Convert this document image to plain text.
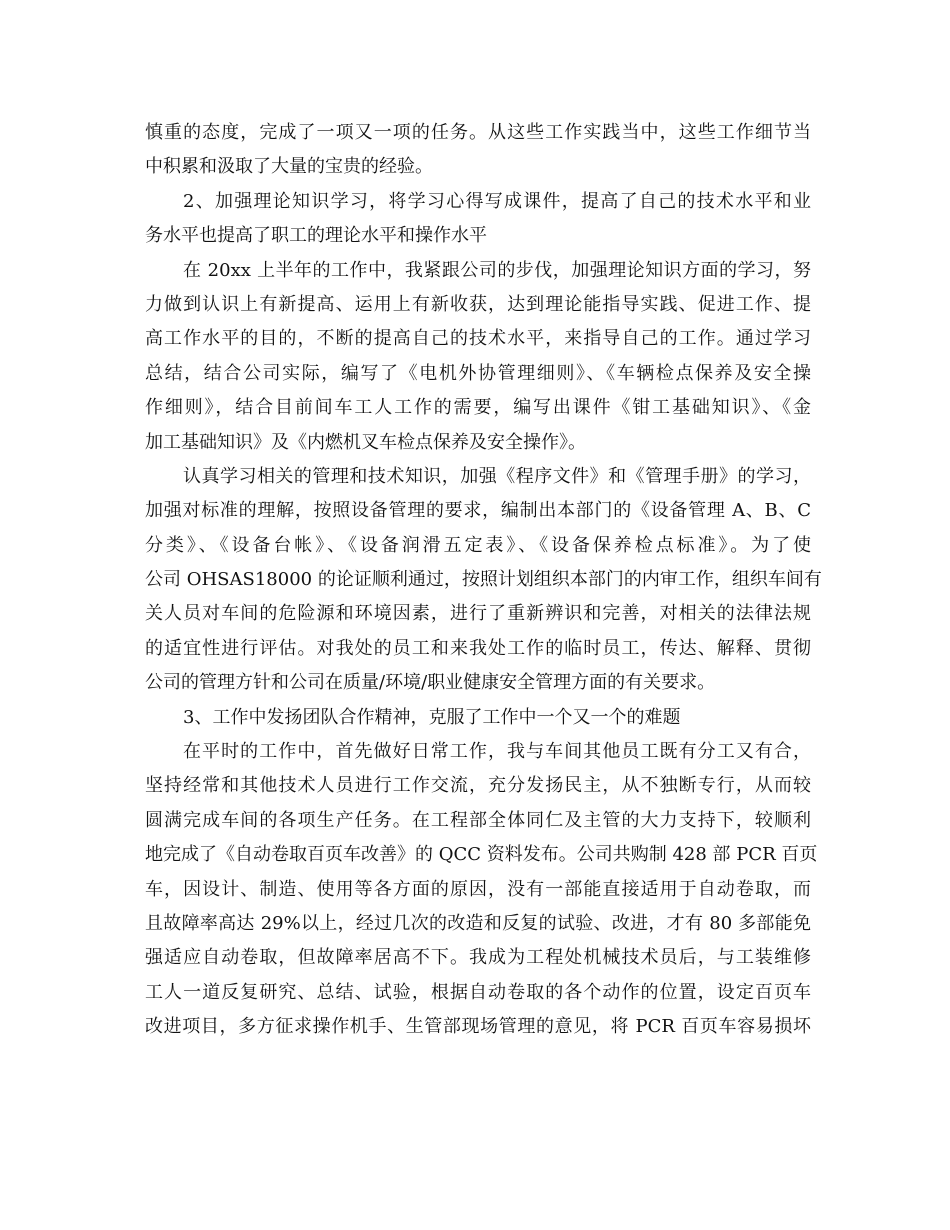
慎重的态度，完成了一项又一项的任务。从这些工作实践当中，这些工作细节当
中积累和汲取了大量的宝贵的经验。
2、加强理论知识学习，将学习心得写成课件，提高了自己的技术水平和业
务水平也提高了职工的理论水平和操作水平
在 20xx 上半年的工作中，我紧跟公司的步伐，加强理论知识方面的学习，努
力做到认识上有新提高、运用上有新收获，达到理论能指导实践、促进工作、提
高工作水平的目的，不断的提高自己的技术水平，来指导自己的工作。通过学习
总结，结合公司实际，编写了《电机外协管理细则》、《车辆检点保养及安全操
作细则》，结合目前间车工人工作的需要，编写出课件《钳工基础知识》、《金
加工基础知识》及《内燃机叉车检点保养及安全操作》。
认真学习相关的管理和技术知识，加强《程序文件》和《管理手册》的学习，
加强对标准的理解，按照设备管理的要求，编制出本部门的《设备管理 A、B、C
分类》、《设备台帐》、《设备润滑五定表》、《设备保养检点标准》。为了使
公司 OHSAS18000 的论证顺利通过，按照计划组织本部门的内审工作，组织车间有
关人员对车间的危险源和环境因素，进行了重新辨识和完善，对相关的法律法规
的适宜性进行评估。对我处的员工和来我处工作的临时员工，传达、解释、贯彻
公司的管理方针和公司在质量/环境/职业健康安全管理方面的有关要求。
3、工作中发扬团队合作精神，克服了工作中一个又一个的难题
在平时的工作中，首先做好日常工作，我与车间其他员工既有分工又有合，
坚持经常和其他技术人员进行工作交流，充分发扬民主，从不独断专行，从而较
圆满完成车间的各项生产任务。在工程部全体同仁及主管的大力支持下，较顺利
地完成了《自动卷取百页车改善》的 QCC 资料发布。公司共购制 428 部 PCR 百页
车，因设计、制造、使用等各方面的原因，没有一部能直接适用于自动卷取，而
且故障率高达 29%以上，经过几次的改造和反复的试验、改进，才有 80 多部能免
强适应自动卷取，但故障率居高不下。我成为工程处机械技术员后，与工装维修
工人一道反复研究、总结、试验，根据自动卷取的各个动作的位置，设定百页车
改进项目，多方征求操作机手、生管部现场管理的意见，将 PCR 百页车容易损坏
